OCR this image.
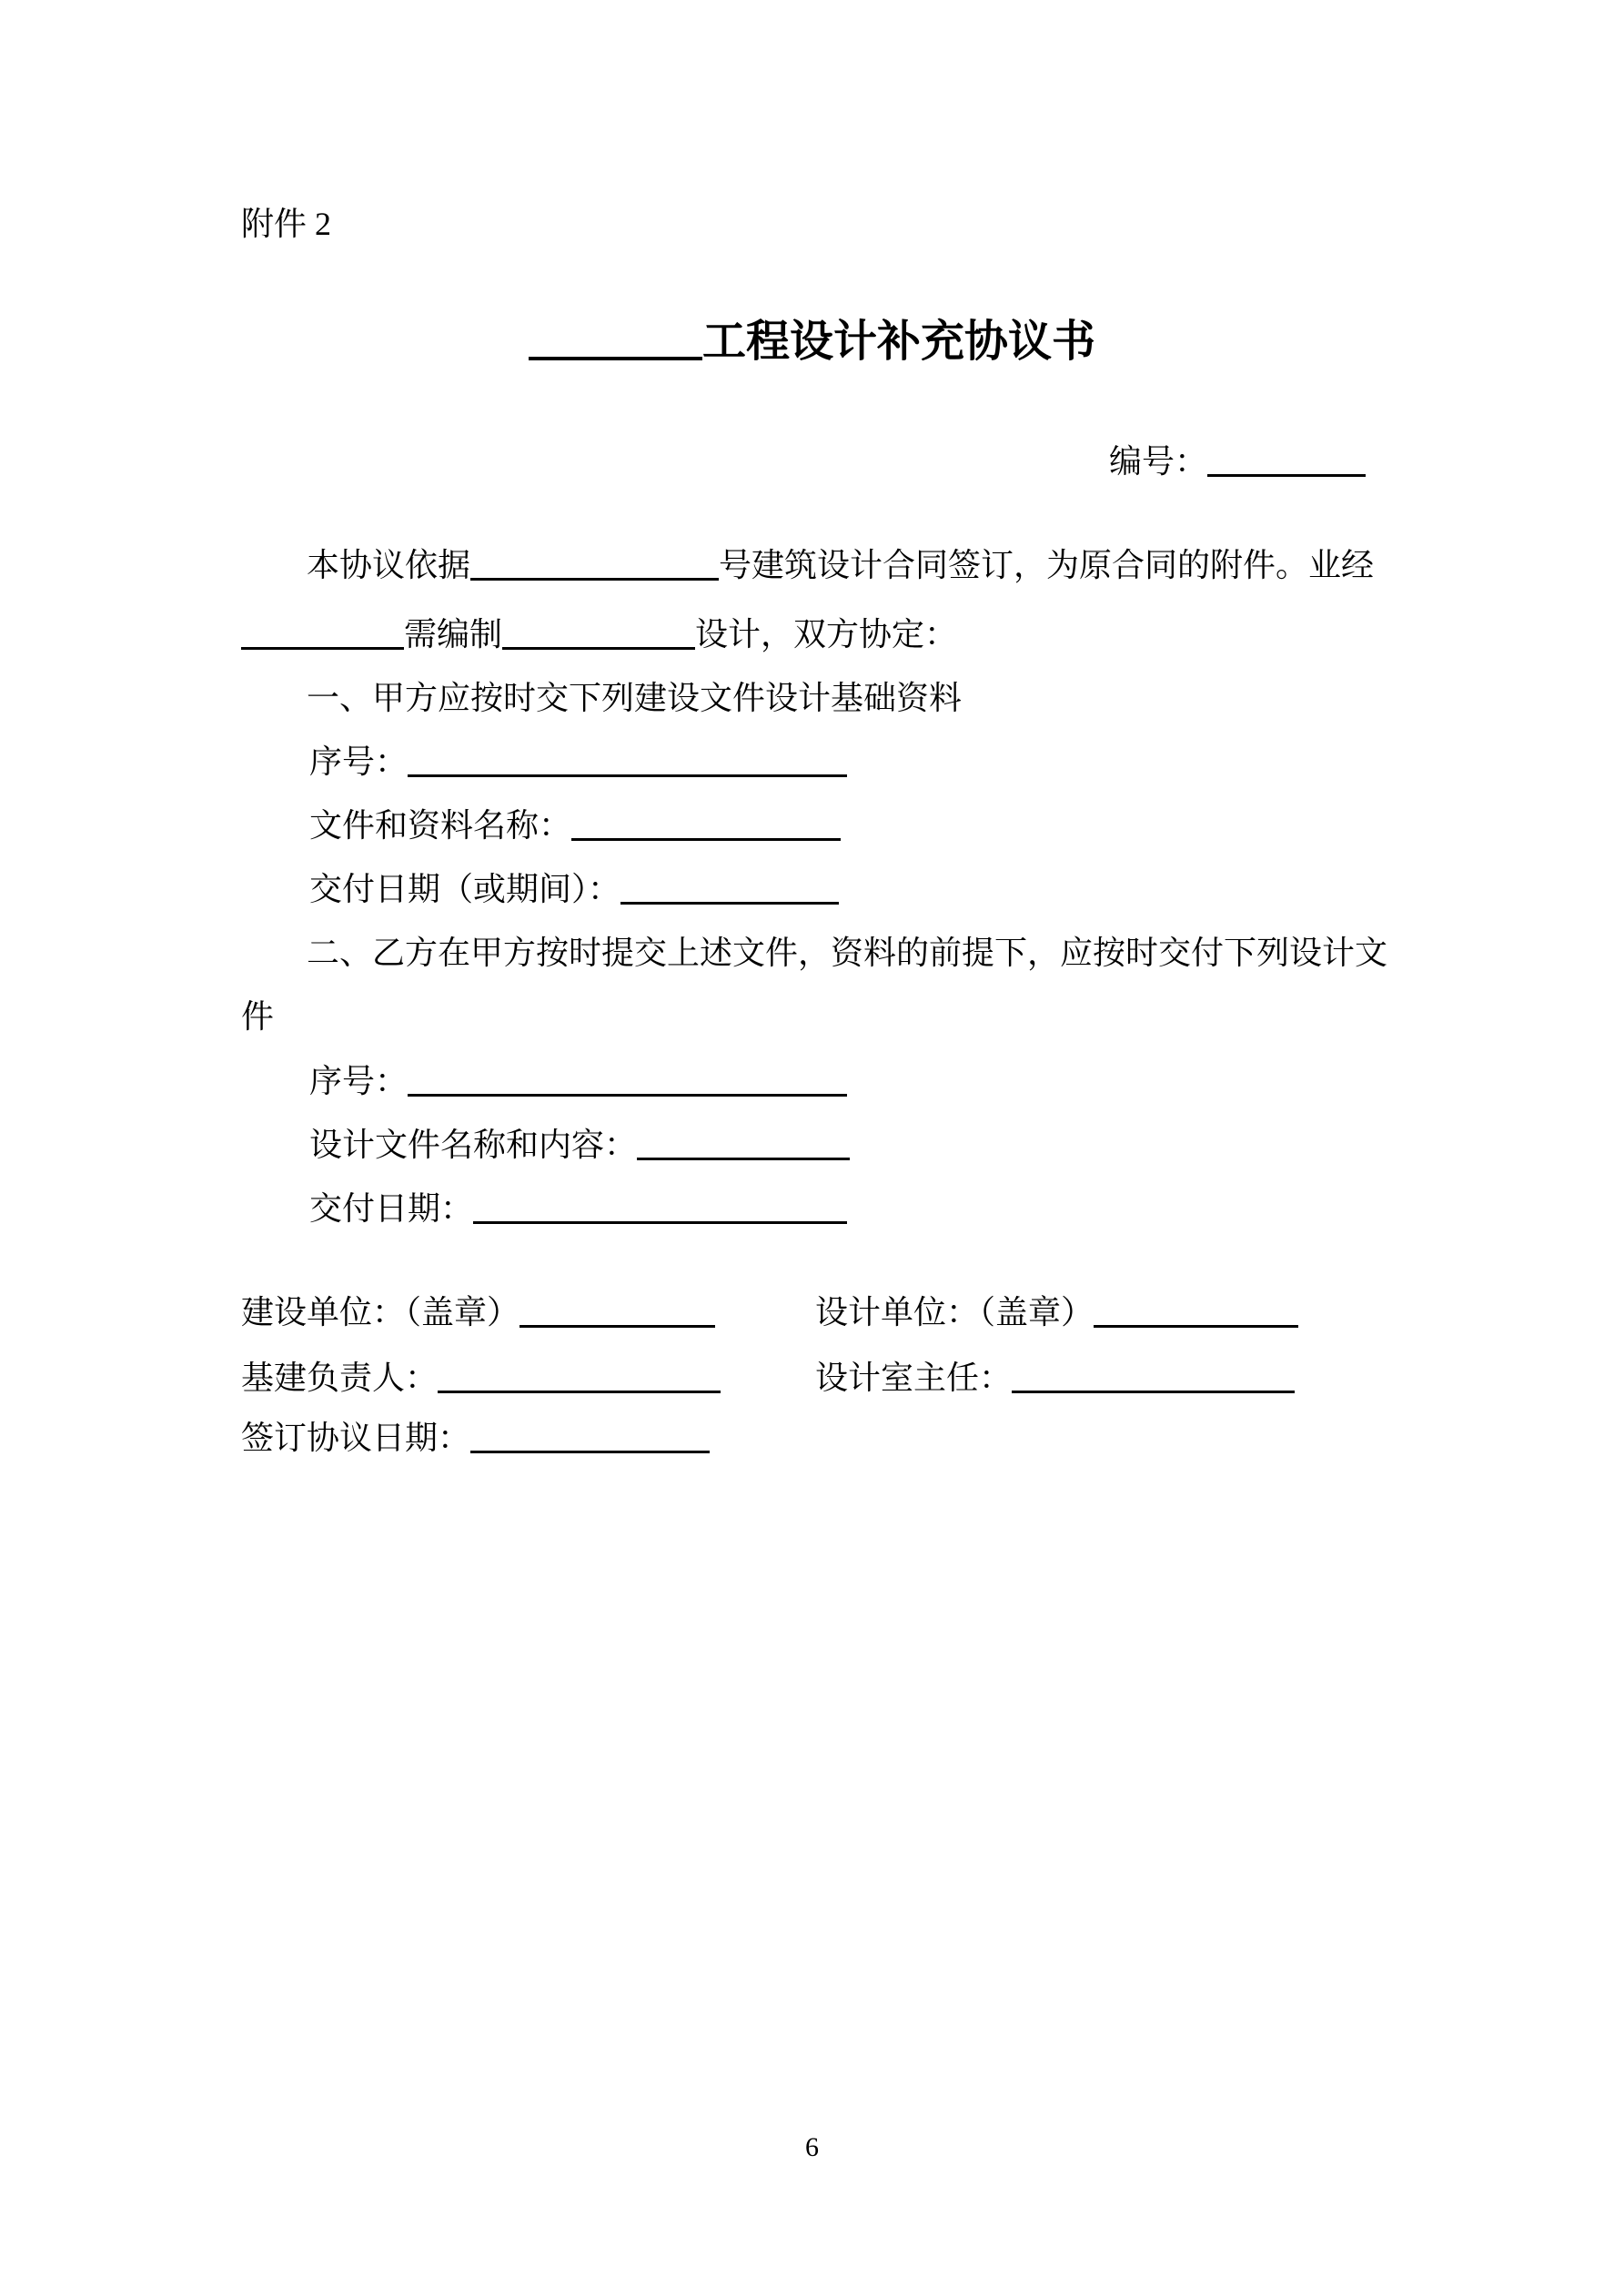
附件 2
工程设计补充协议书
编号：
本协议依据	号建筑设计合同签订，为原合同的附件。业经
需编制	设计，双方协定：
一、甲方应按时交下列建设文件设计基础资料
序号：
文件和资料名称：
交付日期（或期间）：
二、乙方在甲方按时提交上述文件，资料的前提下，应按时交付下列设计文
件
序号：
设计文件名称和内容：
交付日期：
建设单位：（盖章）	设计单位：（盖章）
基建负责人：	设计室主任：
签订协议日期：
6
